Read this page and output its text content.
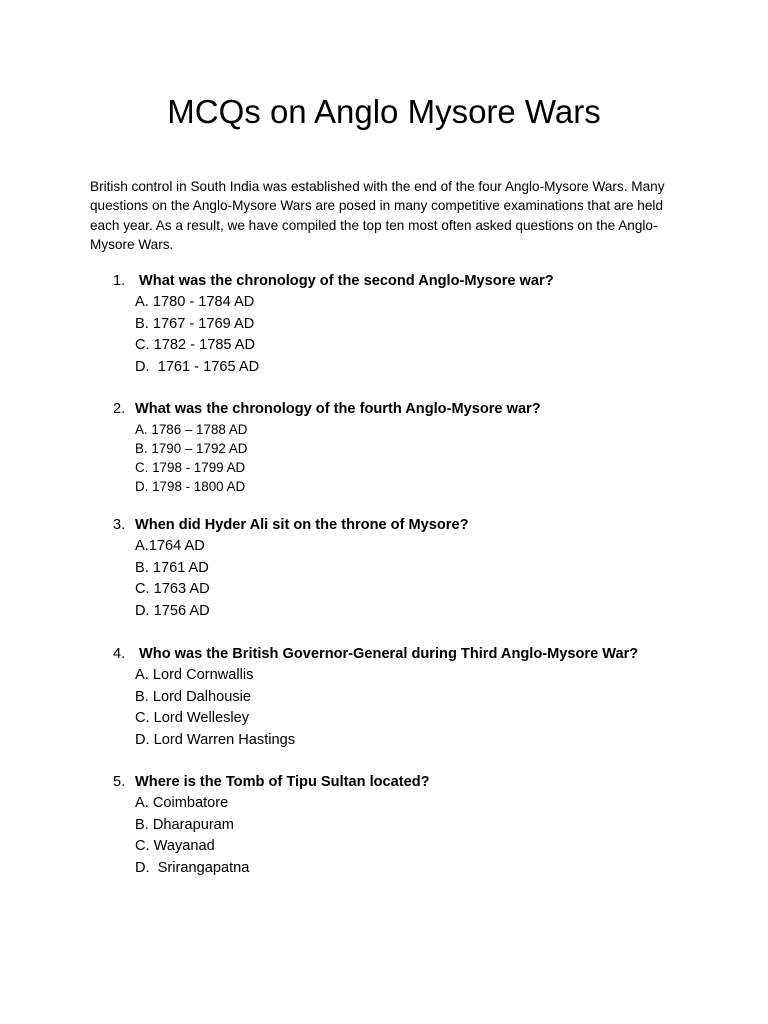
MCQs on Anglo Mysore Wars

British control in South India was established with the end of the four Anglo-Mysore Wars. Many questions on the Anglo-Mysore Wars are posed in many competitive examinations that are held each year. As a result, we have compiled the top ten most often asked questions on the Anglo-Mysore Wars.

1. What was the chronology of the second Anglo-Mysore war?
A. 1780 - 1784 AD
B. 1767 - 1769 AD
C. 1782 - 1785 AD
D.  1761 - 1765 AD
2. What was the chronology of the fourth Anglo-Mysore war?
A. 1786 – 1788 AD
B. 1790 – 1792 AD
C. 1798 - 1799 AD
D. 1798 - 1800 AD
3. When did Hyder Ali sit on the throne of Mysore?
A.1764 AD
B. 1761 AD
C. 1763 AD
D. 1756 AD
4. Who was the British Governor-General during Third Anglo-Mysore War?
A. Lord Cornwallis
B. Lord Dalhousie
C. Lord Wellesley
D. Lord Warren Hastings
5. Where is the Tomb of Tipu Sultan located?
A. Coimbatore
B. Dharapuram
C. Wayanad
D.  Srirangapatna
